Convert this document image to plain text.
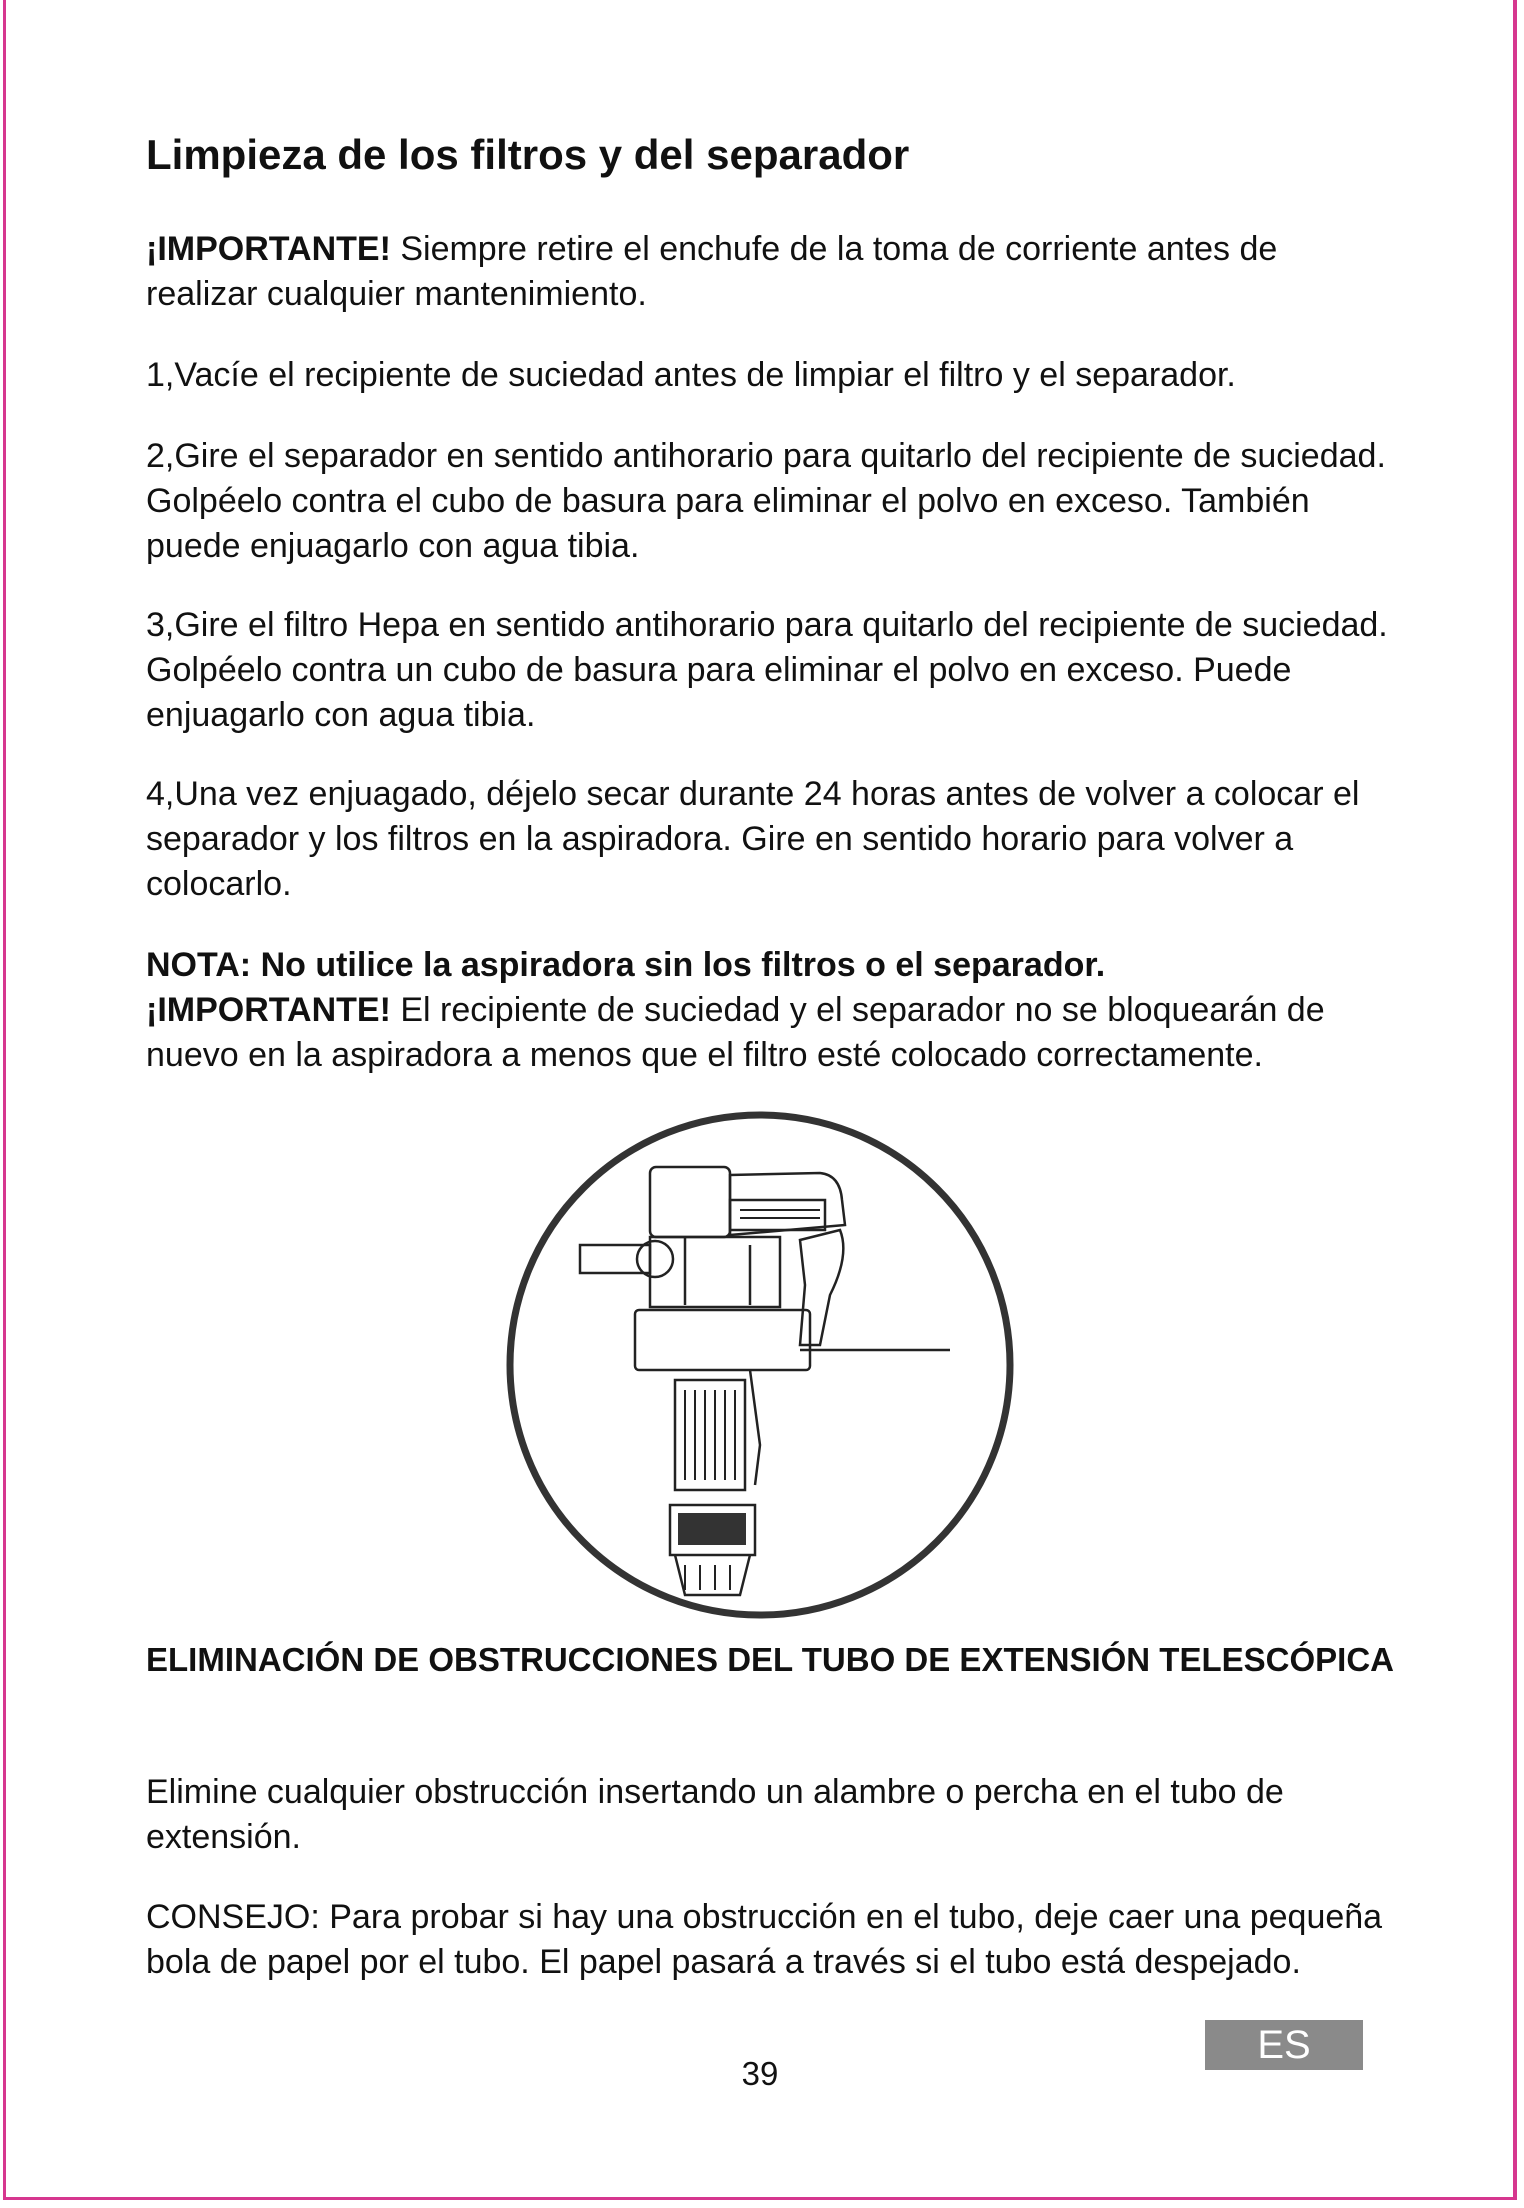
Limpieza de los filtros y del separador

¡IMPORTANTE! Siempre retire el enchufe de la toma de corriente antes de realizar cualquier mantenimiento.

1,Vacíe el recipiente de suciedad antes de limpiar el filtro y el separador.

2,Gire el separador en sentido antihorario para quitarlo del recipiente de suciedad. Golpéelo contra el cubo de basura para eliminar el polvo en exceso. También puede enjuagarlo con agua tibia.

3,Gire el filtro Hepa en sentido antihorario para quitarlo del recipiente de suciedad. Golpéelo contra un cubo de basura para eliminar el polvo en exceso. Puede enjuagarlo con agua tibia.

4,Una vez enjuagado, déjelo secar durante 24 horas antes de volver a colocar el separador y los filtros en la aspiradora. Gire en sentido horario para volver a colocarlo.

NOTA: No utilice la aspiradora sin los filtros o el separador.
¡IMPORTANTE! El recipiente de suciedad y el separador no se bloquearán de nuevo en la aspiradora a menos que el filtro esté colocado correctamente.

ELIMINACIÓN DE OBSTRUCCIONES DEL TUBO DE EXTENSIÓN TELESCÓPICA

Elimine cualquier obstrucción insertando un alambre o percha en el tubo de extensión.

CONSEJO: Para probar si hay una obstrucción en el tubo, deje caer una pequeña bola de papel por el tubo. El papel pasará a través si el tubo está despejado.

39
ES
